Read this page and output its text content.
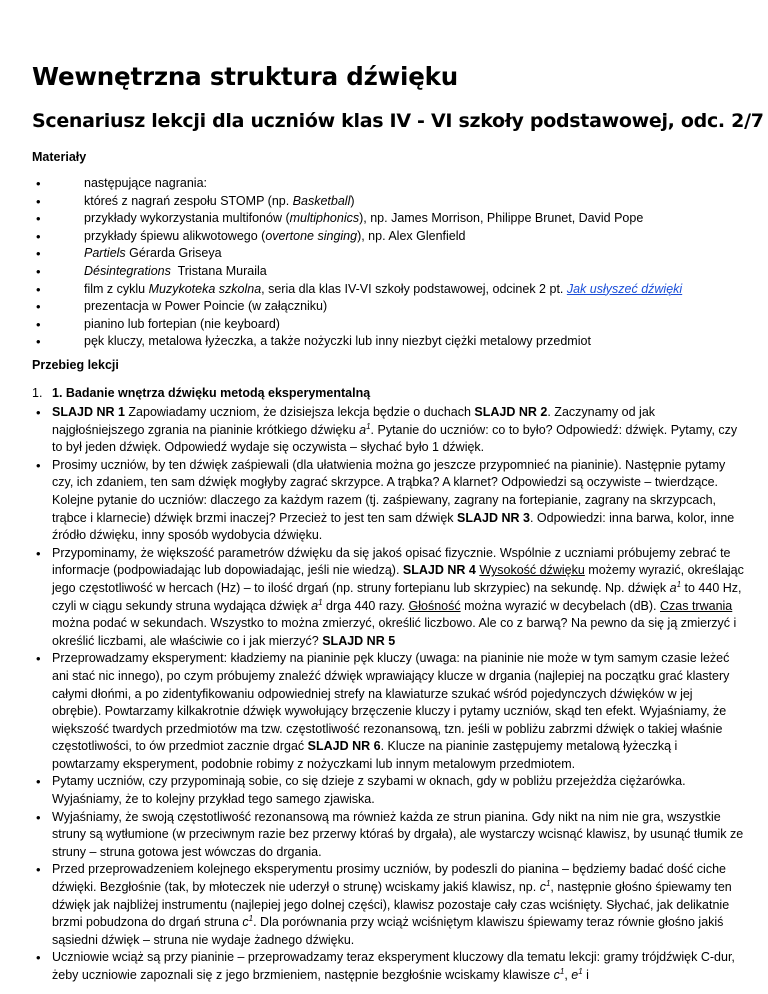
Wewnętrzna struktura dźwięku
Scenariusz lekcji dla uczniów klas IV - VI szkoły podstawowej, odc. 2/7
Materiały
• następujące nagrania:
• któreś z nagrań zespołu STOMP (np. Basketball)
• przykłady wykorzystania multifonów (multiphonics), np. James Morrison, Philippe Brunet, David Pope
• przykłady śpiewu alikwotowego (overtone singing), np. Alex Glenfield
• Partiels Gérarda Griseya
• Désintegrations  Tristana Muraila
• film z cyklu Muzykoteka szkolna, seria dla klas IV-VI szkoły podstawowej, odcinek 2 pt. Jak usłyszeć dźwięki
• prezentacja w Power Poincie (w załączniku)
• pianino lub fortepian (nie keyboard)
• pęk kluczy, metalowa łyżeczka, a także nożyczki lub inny niezbyt ciężki metalowy przedmiot
Przebieg lekcji
1. 1. Badanie wnętrza dźwięku metodą eksperymentalną
•
SLAJD NR 1 Zapowiadamy uczniom, że dzisiejsza lekcja będzie o duchach SLAJD NR 2. Zaczynamy od jak najgłośniejszego zgrania na pianinie krótkiego dźwięku $a^1$. Pytanie do uczniów: co to było? Odpowiedź: dźwięk. Pytamy, czy to był jeden dźwięk. Odpowiedź wydaje się oczywista – słychać było 1 dźwięk.
•
Prosimy uczniów, by ten dźwięk zaśpiewali (dla ułatwienia można go jeszcze przypomnieć na pianinie). Następnie pytamy czy, ich zdaniem, ten sam dźwięk mogłyby zagrać skrzypce. A trąbka? A klarnet? Odpowiedzi są oczywiste – twierdzące. Kolejne pytanie do uczniów: dlaczego za każdym razem (tj. zaśpiewany, zagrany na fortepianie, zagrany na skrzypcach, trąbce i klarnecie) dźwięk brzmi inaczej? Przecież to jest ten sam dźwięk SLAJD NR 3. Odpowiedzi: inna barwa, kolor, inne źródło dźwięku, inny sposób wydobycia dźwięku.
•
Przypominamy, że większość parametrów dźwięku da się jakoś opisać fizycznie. Wspólnie z uczniami próbujemy zebrać te informacje (podpowiadając lub dopowiadając, jeśli nie wiedzą). SLAJD NR 4 Wysokość dźwięku możemy wyrazić, określając jego częstotliwość w hercach (Hz) – to ilość drgań (np. struny fortepianu lub skrzypiec) na sekundę. Np. dźwięk $a^1$ to 440 Hz, czyli w ciągu sekundy struna wydająca dźwięk $a^1$ drga 440 razy. Głośność można wyrazić w decybelach (dB). Czas trwania można podać w sekundach. Wszystko to można zmierzyć, określić liczbowo. Ale co z barwą? Na pewno da się ją zmierzyć i określić liczbami, ale właściwie co i jak mierzyć? SLAJD NR 5
•
Przeprowadzamy eksperyment: kładziemy na pianinie pęk kluczy (uwaga: na pianinie nie może w tym samym czasie leżeć ani stać nic innego), po czym próbujemy znaleźć dźwięk wprawiający klucze w drgania (najlepiej na początku grać klastery całymi dłońmi, a po zidentyfikowaniu odpowiedniej strefy na klawiaturze szukać wśród pojedynczych dźwięków w jej obrębie). Powtarzamy kilkakrotnie dźwięk wywołujący brzęczenie kluczy i pytamy uczniów, skąd ten efekt. Wyjaśniamy, że większość twardych przedmiotów ma tzw. częstotliwość rezonansową, tzn. jeśli w pobliżu zabrzmi dźwięk o takiej właśnie częstotliwości, to ów przedmiot zacznie drgać SLAJD NR 6. Klucze na pianinie zastępujemy metalową łyżeczką i powtarzamy eksperyment, podobnie robimy z nożyczkami lub innym metalowym przedmiotem.
•
Pytamy uczniów, czy przypominają sobie, co się dzieje z szybami w oknach, gdy w pobliżu przejeżdża ciężarówka. Wyjaśniamy, że to kolejny przykład tego samego zjawiska.
•
Wyjaśniamy, że swoją częstotliwość rezonansową ma również każda ze strun pianina. Gdy nikt na nim nie gra, wszystkie struny są wytłumione (w przeciwnym razie bez przerwy któraś by drgała), ale wystarczy wcisnąć klawisz, by usunąć tłumik ze struny – struna gotowa jest wówczas do drgania.
•
Przed przeprowadzeniem kolejnego eksperymentu prosimy uczniów, by podeszli do pianina – będziemy badać dość ciche dźwięki. Bezgłośnie (tak, by młoteczek nie uderzył o strunę) wciskamy jakiś klawisz, np. $c^1$, następnie głośno śpiewamy ten dźwięk jak najbliżej instrumentu (najlepiej jego dolnej części), klawisz pozostaje cały czas wciśnięty. Słychać, jak delikatnie brzmi pobudzona do drgań struna $c^1$. Dla porównania przy wciąż wciśniętym klawiszu śpiewamy teraz równie głośno jakiś sąsiedni dźwięk – struna nie wydaje żadnego dźwięku.
•
Uczniowie wciąż są przy pianinie – przeprowadzamy teraz eksperyment kluczowy dla tematu lekcji: gramy trójdźwięk C-dur, żeby uczniowie zapoznali się z jego brzmieniem, następnie bezgłośnie wciskamy klawisze $c^1$, $e^1$ i
